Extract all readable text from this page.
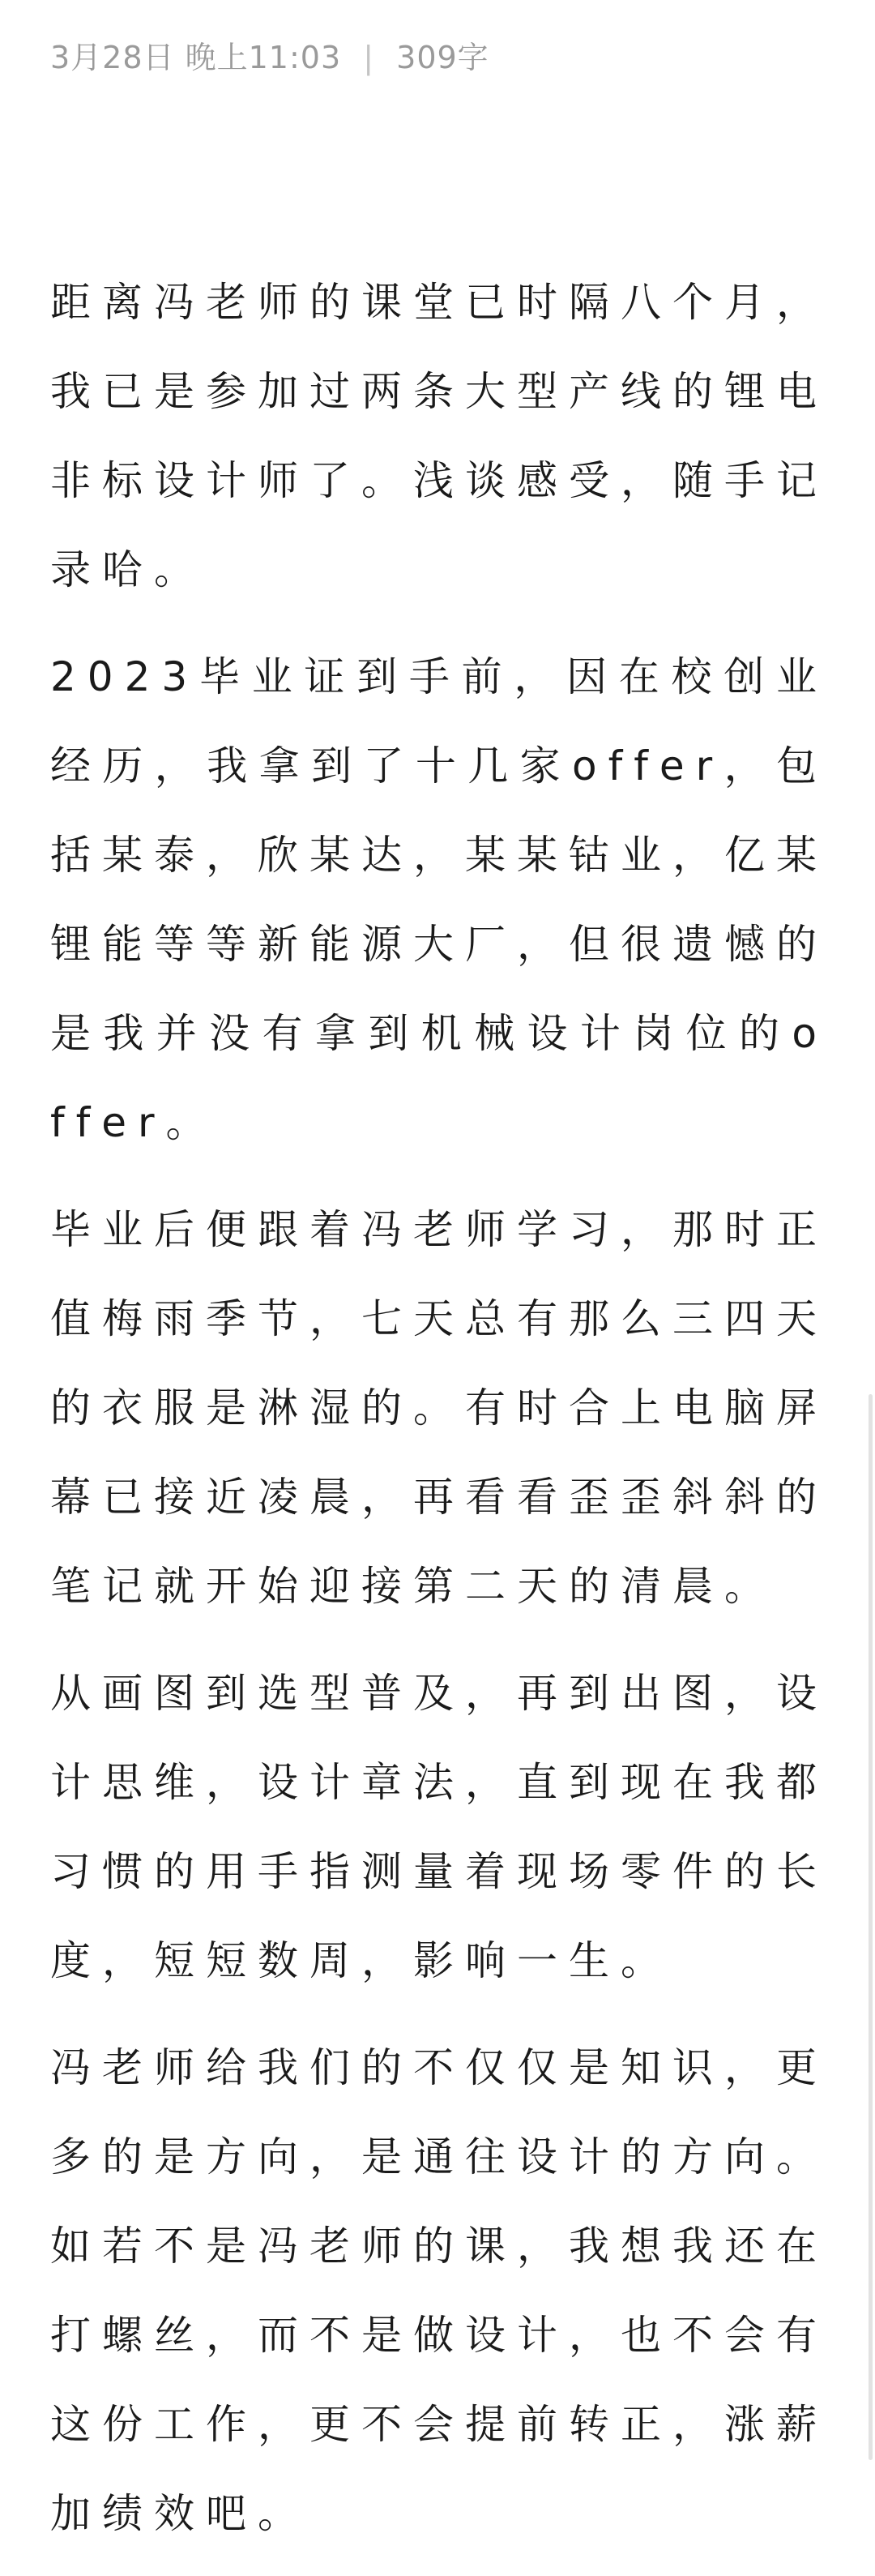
3月28日 晚上11:03 | 309字

距离冯老师的课堂已时隔八个月，我已是参加过两条大型产线的锂电非标设计师了。浅谈感受，随手记录哈。

2023毕业证到手前，因在校创业经历，我拿到了十几家offer，包括某泰，欣某达，某某钴业，亿某锂能等等新能源大厂，但很遗憾的是我并没有拿到机械设计岗位的offer。

毕业后便跟着冯老师学习，那时正值梅雨季节，七天总有那么三四天的衣服是淋湿的。有时合上电脑屏幕已接近凌晨，再看看歪歪斜斜的笔记就开始迎接第二天的清晨。

从画图到选型普及，再到出图，设计思维，设计章法，直到现在我都习惯的用手指测量着现场零件的长度，短短数周，影响一生。

冯老师给我们的不仅仅是知识，更多的是方向，是通往设计的方向。如若不是冯老师的课，我想我还在打螺丝，而不是做设计，也不会有这份工作，更不会提前转正，涨薪加绩效吧。
